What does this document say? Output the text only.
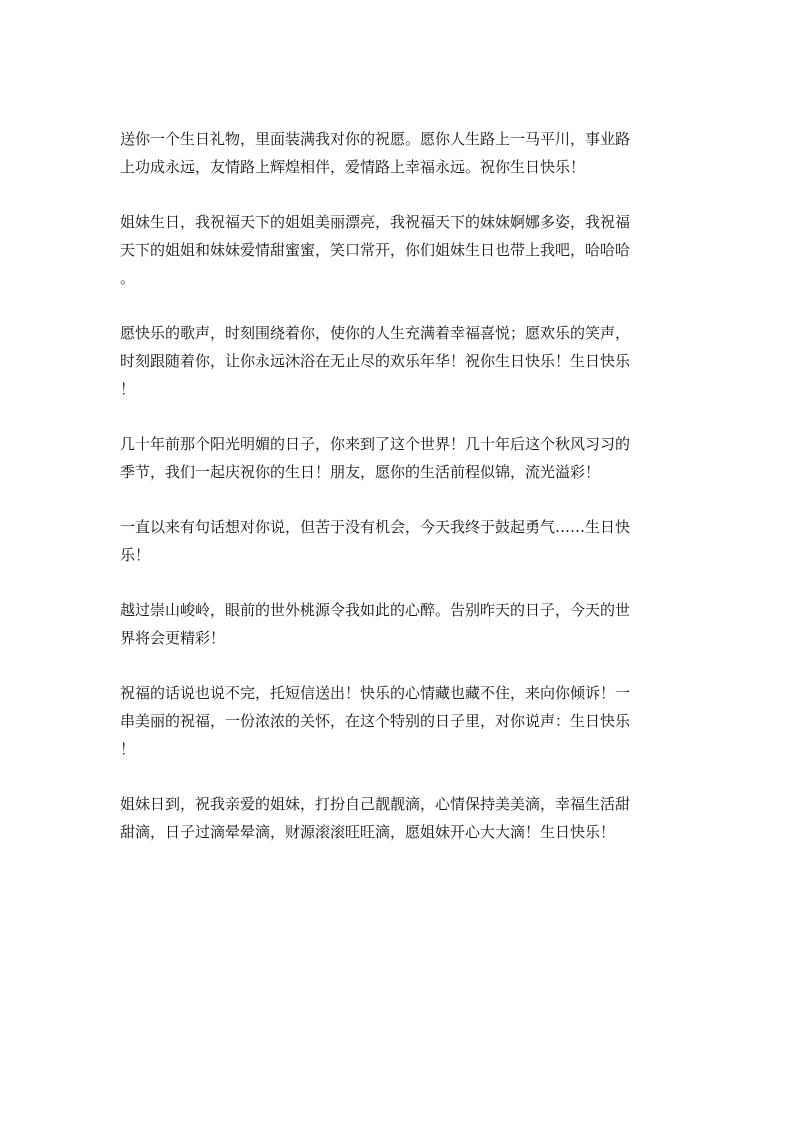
送你一个生日礼物，里面装满我对你的祝愿。愿你人生路上一马平川，事业路
上功成永远，友情路上辉煌相伴，爱情路上幸福永远。祝你生日快乐！

姐妹生日，我祝福天下的姐姐美丽漂亮，我祝福天下的妹妹婀娜多姿，我祝福
天下的姐姐和妹妹爱情甜蜜蜜，笑口常开，你们姐妹生日也带上我吧，哈哈哈
。

愿快乐的歌声，时刻围绕着你，使你的人生充满着幸福喜悦；愿欢乐的笑声，
时刻跟随着你，让你永远沐浴在无止尽的欢乐年华！祝你生日快乐！生日快乐
！

几十年前那个阳光明媚的日子，你来到了这个世界！几十年后这个秋风习习的
季节，我们一起庆祝你的生日！朋友，愿你的生活前程似锦，流光溢彩！

一直以来有句话想对你说，但苦于没有机会，今天我终于鼓起勇气……生日快
乐！

越过崇山峻岭，眼前的世外桃源令我如此的心醉。告别昨天的日子，今天的世
界将会更精彩！

祝福的话说也说不完，托短信送出！快乐的心情藏也藏不住，来向你倾诉！一
串美丽的祝福，一份浓浓的关怀，在这个特别的日子里，对你说声：生日快乐
！

姐妹日到，祝我亲爱的姐妹，打扮自己靓靓滴，心情保持美美滴，幸福生活甜
甜滴，日子过滴晕晕滴，财源滚滚旺旺滴，愿姐妹开心大大滴！生日快乐！
